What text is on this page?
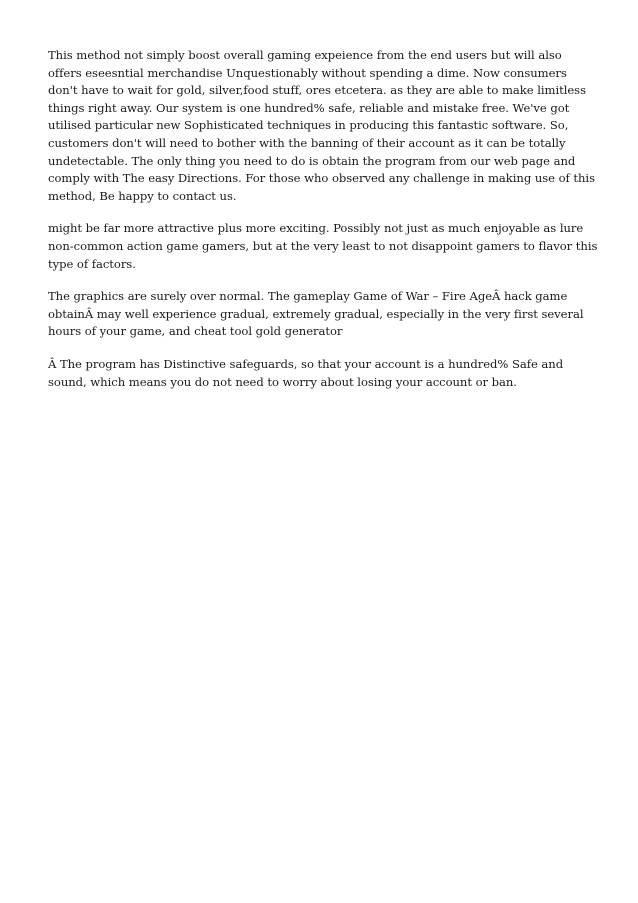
This method not simply boost overall gaming expeience from the end users but will also offers eseesntial merchandise Unquestionably without spending a dime. Now consumers don't have to wait for gold, silver,food stuff, ores etcetera. as they are able to make limitless things right away. Our system is one hundred% safe, reliable and mistake free. We've got utilised particular new Sophisticated techniques in producing this fantastic software. So, customers don't will need to bother with the banning of their account as it can be totally undetectable. The only thing you need to do is obtain the program from our web page and comply with The easy Directions. For those who observed any challenge in making use of this method, Be happy to contact us.

might be far more attractive plus more exciting. Possibly not just as much enjoyable as lure non-common action game gamers, but at the very least to not disappoint gamers to flavor this type of factors.

The graphics are surely over normal. The gameplay Game of War – Fire AgeÂ hack game obtainÂ may well experience gradual, extremely gradual, especially in the very first several hours of your game, and cheat tool gold generator

Â The program has Distinctive safeguards, so that your account is a hundred% Safe and sound, which means you do not need to worry about losing your account or ban.
